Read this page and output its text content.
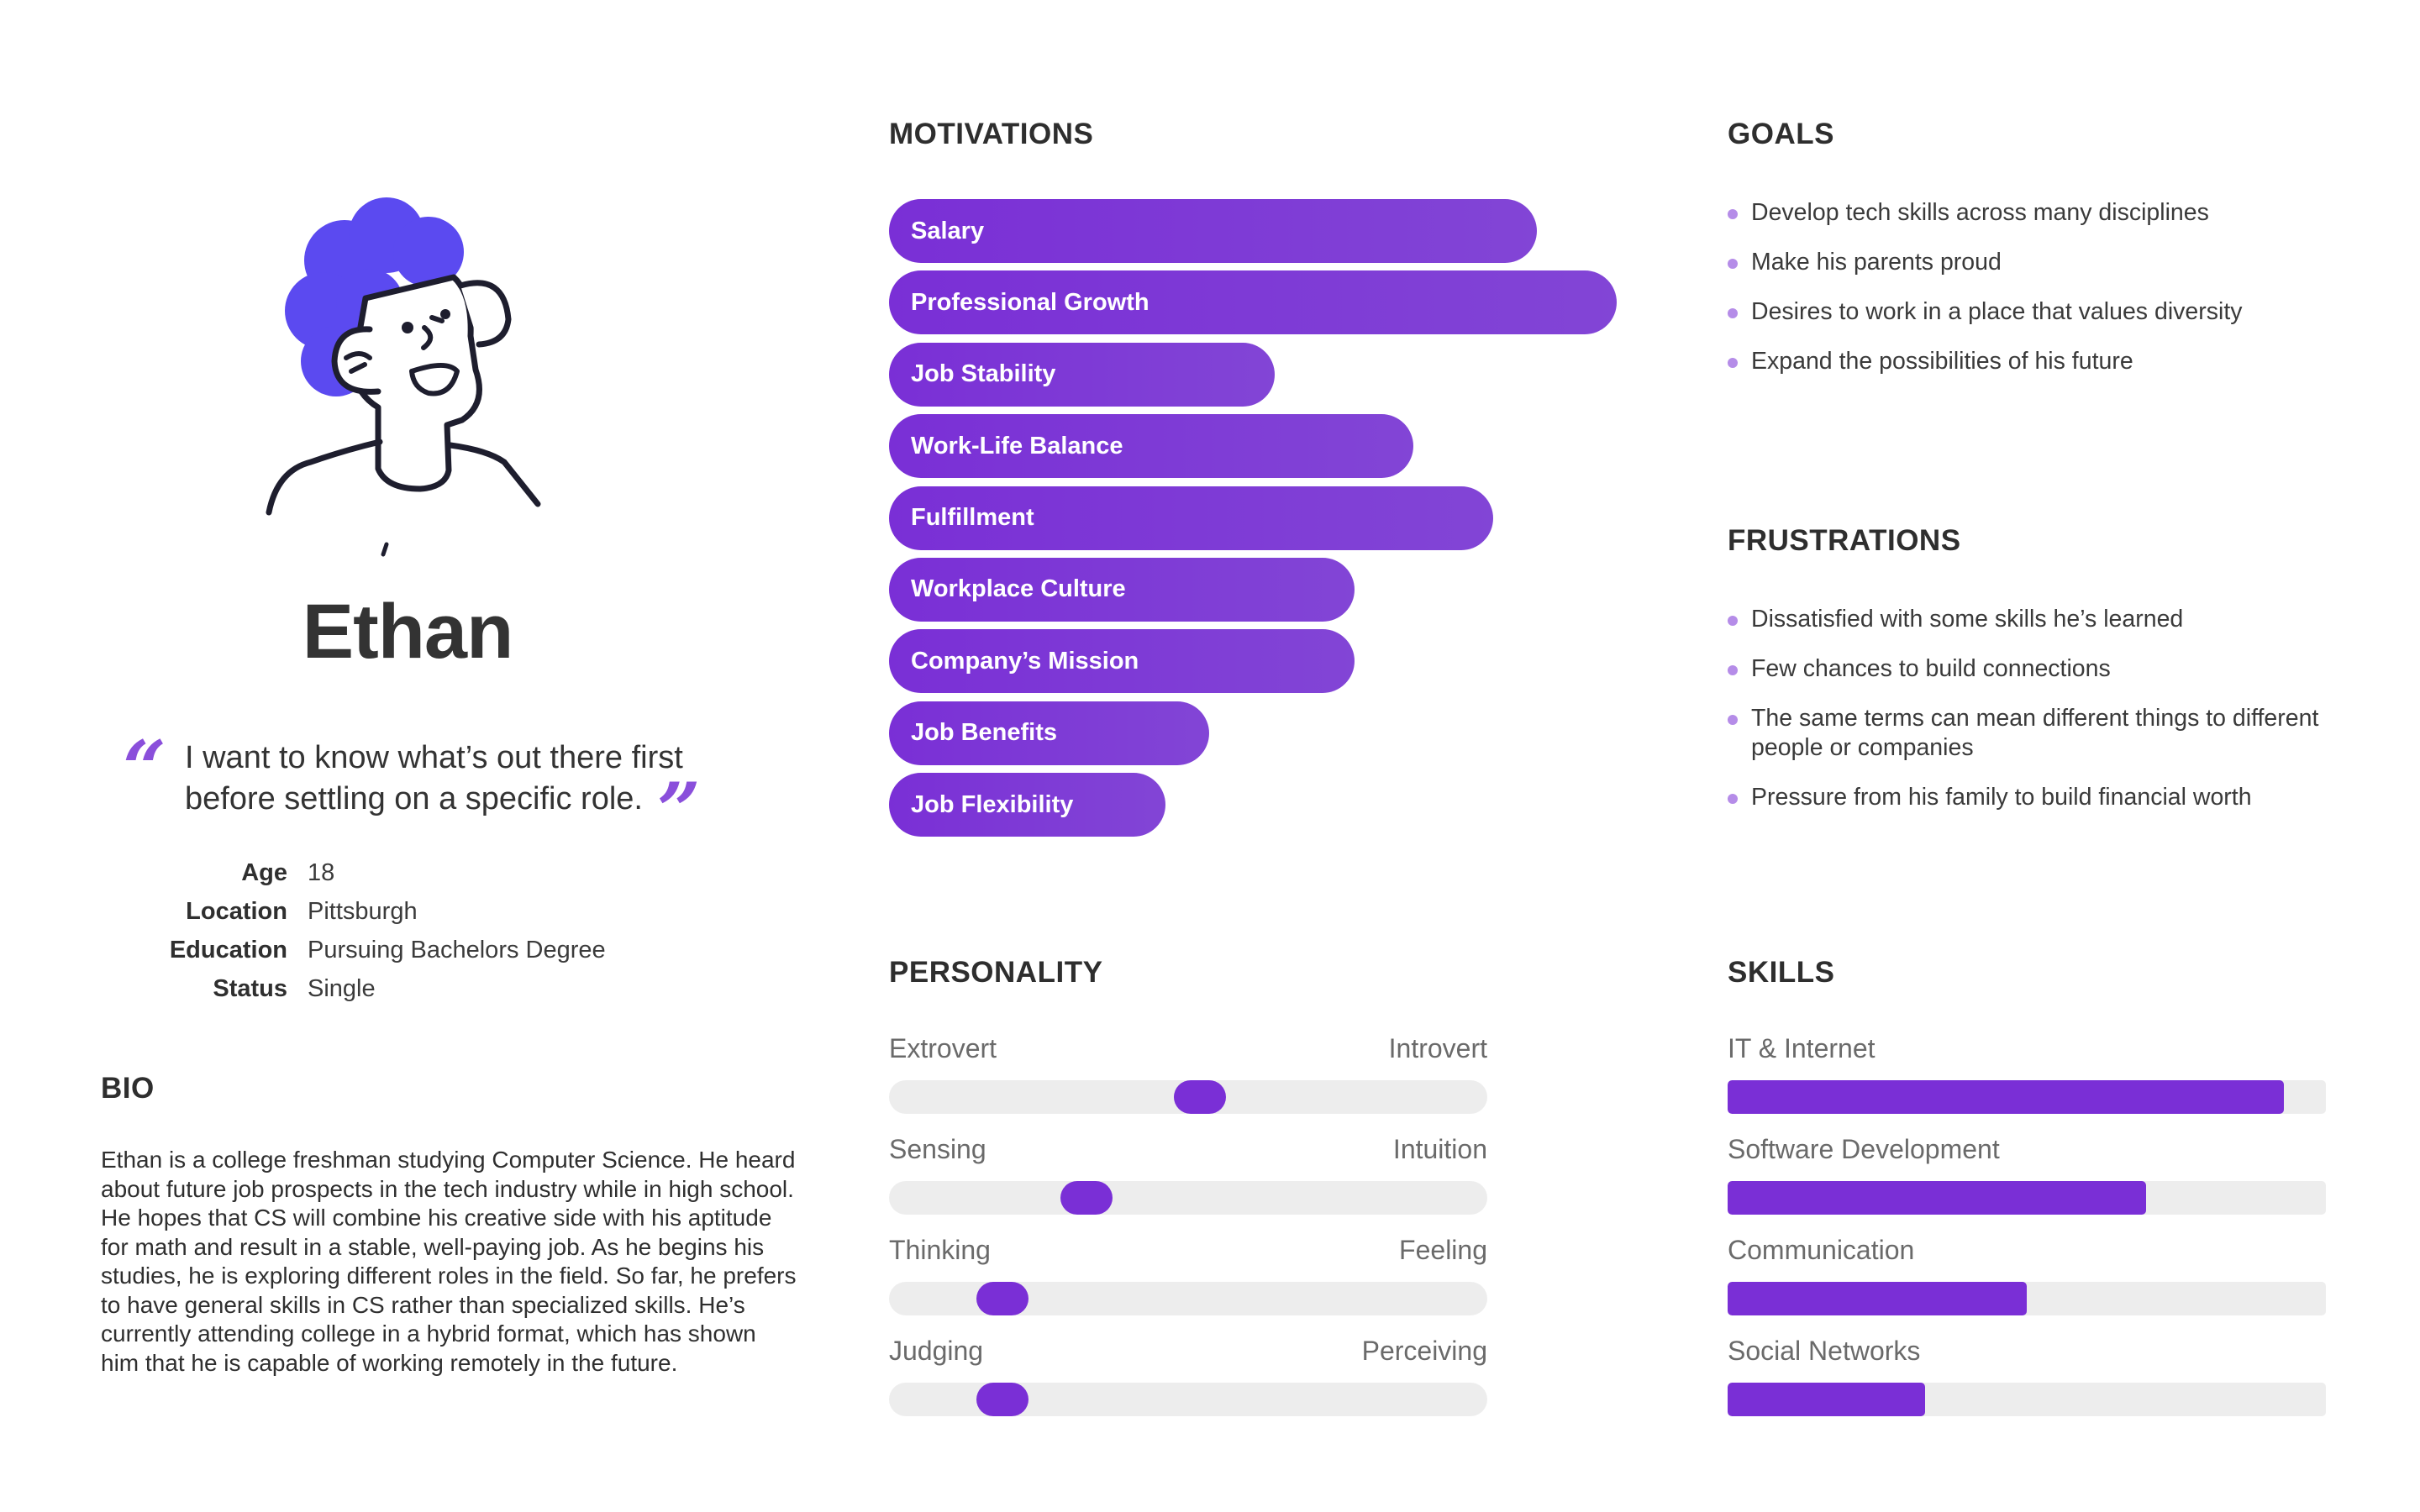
Ethan
“ I want to know what’s out there first before settling on a specific role. ”
Age 18
Location Pittsburgh
Education Pursuing Bachelors Degree
Status Single
BIO

Ethan is a college freshman studying Computer Science. He heard about future job prospects in the tech industry while in high school. He hopes that CS will combine his creative side with his aptitude for math and result in a stable, well-paying job. As he begins his studies, he is exploring different roles in the field. So far, he prefers to have general skills in CS rather than specialized skills. He’s currently attending college in a hybrid format, which has shown him that he is capable of working remotely in the future.

MOTIVATIONS
Salary
Professional Growth
Job Stability
Work-Life Balance
Fulfillment
Workplace Culture
Company’s Mission
Job Benefits
Job Flexibility
PERSONALITY
Extrovert	Introvert
Sensing	Intuition
Thinking	Feeling
Judging	Perceiving
GOALS
Develop tech skills across many disciplines
Make his parents proud
Desires to work in a place that values diversity
Expand the possibilities of his future
FRUSTRATIONS
Dissatisfied with some skills he’s learned
Few chances to build connections
The same terms can mean different things to different people or companies
Pressure from his family to build financial worth
SKILLS
IT & Internet
Software Development
Communication
Social Networks
